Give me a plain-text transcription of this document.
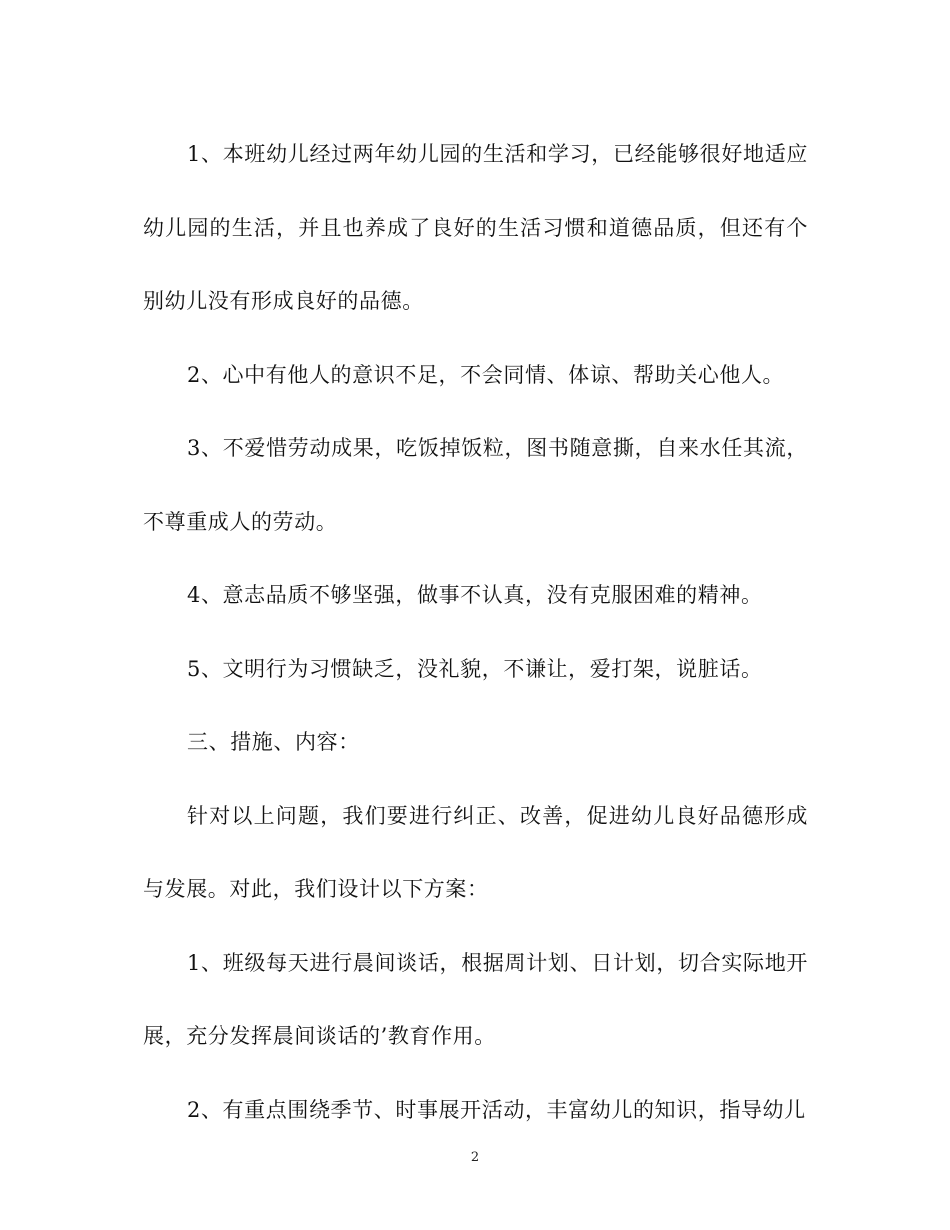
1、本班幼儿经过两年幼儿园的生活和学习，已经能够很好地适应幼儿园的生活，并且也养成了良好的生活习惯和道德品质，但还有个别幼儿没有形成良好的品德。

2、心中有他人的意识不足，不会同情、体谅、帮助关心他人。

3、不爱惜劳动成果，吃饭掉饭粒，图书随意撕，自来水任其流，不尊重成人的劳动。

4、意志品质不够坚强，做事不认真，没有克服困难的精神。

5、文明行为习惯缺乏，没礼貌，不谦让，爱打架，说脏话。

三、措施、内容：

针对以上问题，我们要进行纠正、改善，促进幼儿良好品德形成与发展。对此，我们设计以下方案：

1、班级每天进行晨间谈话，根据周计划、日计划，切合实际地开展，充分发挥晨间谈话的’教育作用。

2、有重点围绕季节、时事展开活动，丰富幼儿的知识，指导幼儿

2
